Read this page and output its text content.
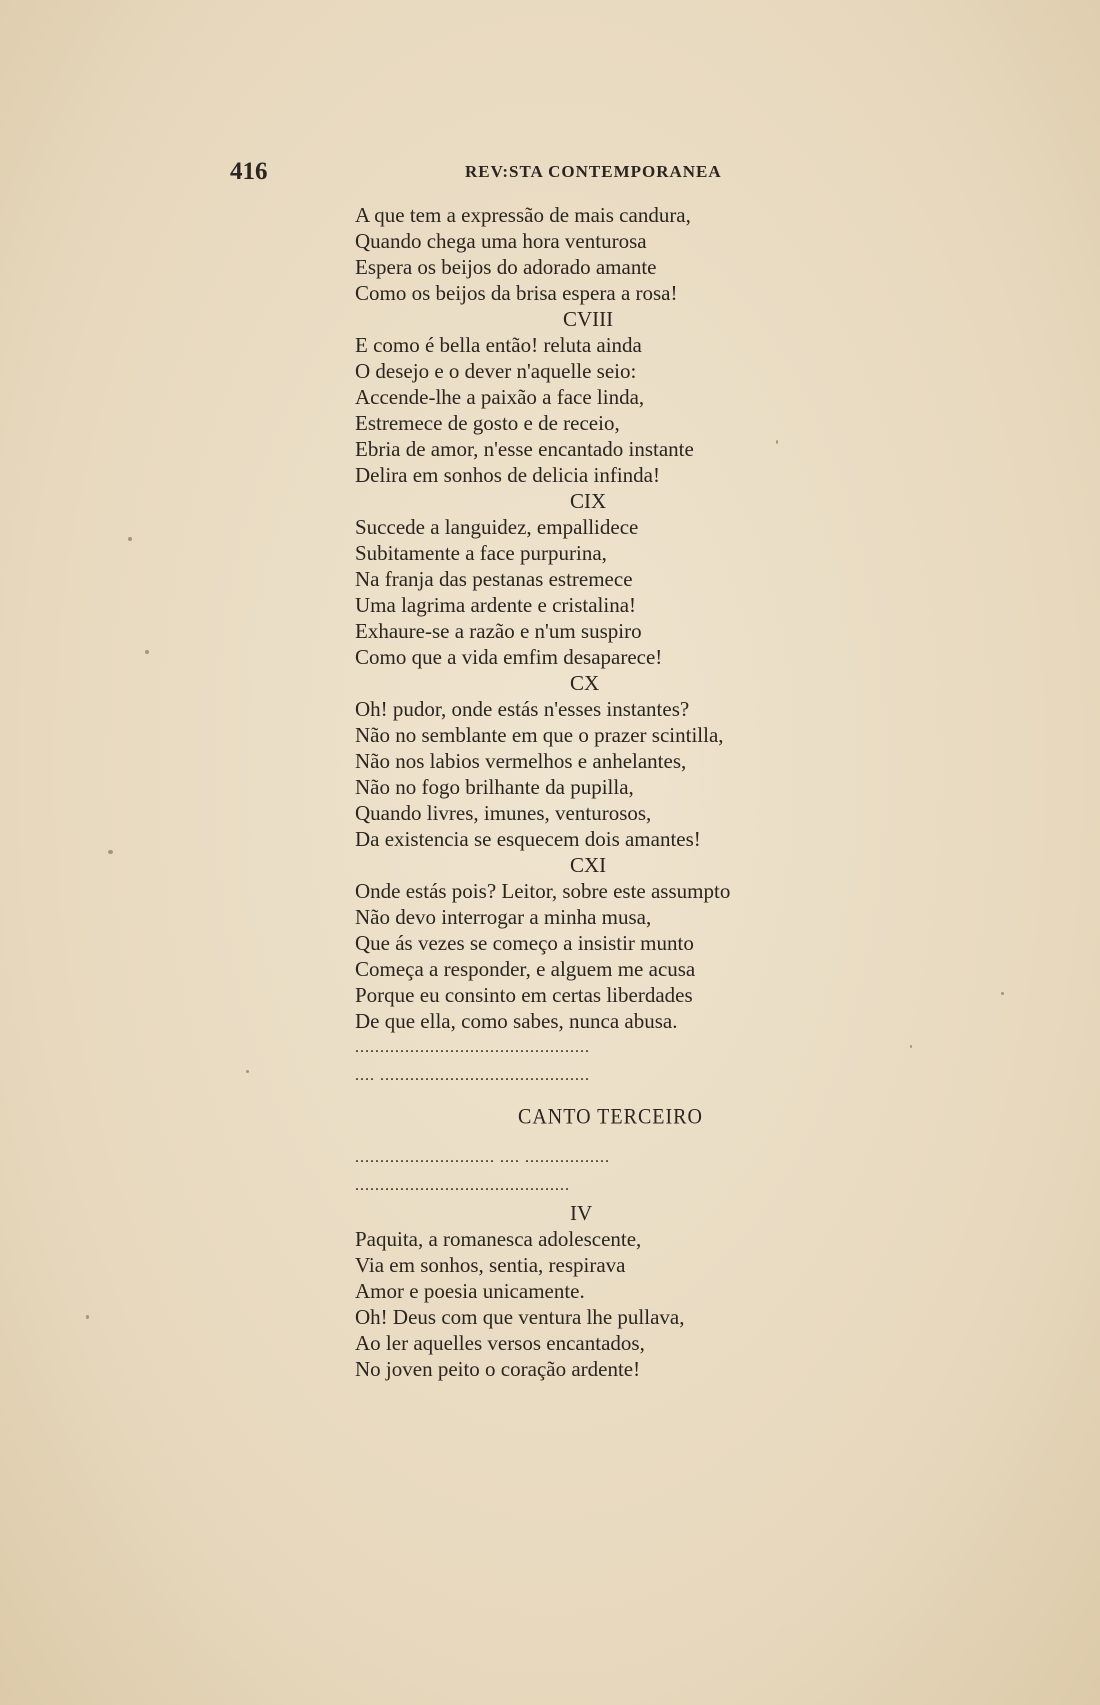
416	REV:STA CONTEMPORANEA
A que tem a expressão de mais candura,
Quando chega uma hora venturosa
Espera os beijos do adorado amante
Como os beijos da brisa espera a rosa!
CVIII
E como é bella então! reluta ainda
O desejo e o dever n'aquelle seio:
Accende-lhe a paixão a face linda,
Estremece de gosto e de receio,
Ebria de amor, n'esse encantado instante
Delira em sonhos de delicia infinda!
CIX
Succede a languidez, empallidece
Subitamente a face purpurina,
Na franja das pestanas estremece
Uma lagrima ardente e cristalina!
Exhaure-se a razão e n'um suspiro
Como que a vida emfim desaparece!
CX
Oh! pudor, onde estás n'esses instantes?
Não no semblante em que o prazer scintilla,
Não nos labios vermelhos e anhelantes,
Não no fogo brilhante da pupilla,
Quando livres, imunes, venturosos,
Da existencia se esquecem dois amantes!
CXI
Onde estás pois? Leitor, sobre este assumpto
Não devo interrogar a minha musa,
Que ás vezes se começo a insistir munto
Começa a responder, e alguem me acusa
Porque eu consinto em certas liberdades
De que ella, como sabes, nunca abusa.
...............................................
.... ..........................................
CANTO TERCEIRO
............................ .... .................
...........................................
IV
Paquita, a romanesca adolescente,
Via em sonhos, sentia, respirava
Amor e poesia unicamente.
Oh! Deus com que ventura lhe pullava,
Ao ler aquelles versos encantados,
No joven peito o coração ardente!
